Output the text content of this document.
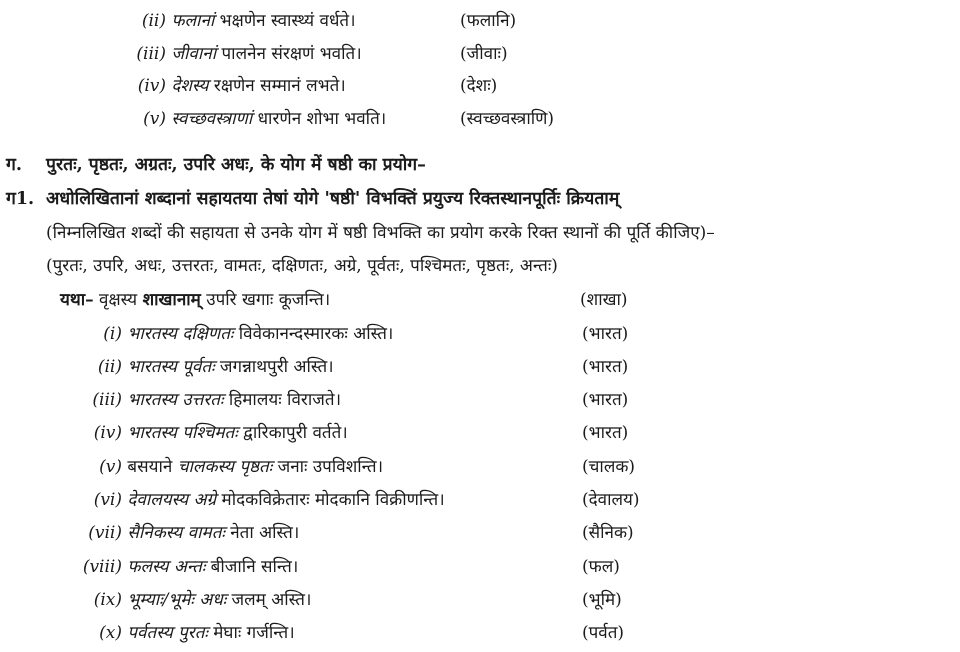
(ii) फलानां भक्षणेन स्वास्थ्यं वर्धते।	(फलानि)
(iii) जीवानां पालनेन संरक्षणं भवति।	(जीवाः)
(iv) देशस्य रक्षणेन सम्मानं लभते।	(देशः)
(v) स्वच्छवस्त्राणां धारणेन शोभा भवति।	(स्वच्छवस्त्राणि)
ग. पुरतः, पृष्ठतः, अग्रतः, उपरि अधः, के योग में षष्ठी का प्रयोग–
ग1. अधोलिखितानां शब्दानां सहायतया तेषां योगे 'षष्ठी' विभक्तिं प्रयुज्य रिक्तस्थानपूर्तिः क्रियताम्
(निम्नलिखित शब्दों की सहायता से उनके योग में षष्ठी विभक्ति का प्रयोग करके रिक्त स्थानों की पूर्ति कीजिए)–
(पुरतः, उपरि, अधः, उत्तरतः, वामतः, दक्षिणतः, अग्रे, पूर्वतः, पश्चिमतः, पृष्ठतः, अन्तः)
यथा– वृक्षस्य शाखानाम् उपरि खगाः कूजन्ति।	(शाखा)
(i) भारतस्य दक्षिणतः विवेकानन्दस्मारकः अस्ति।	(भारत)
(ii) भारतस्य पूर्वतः जगन्नाथपुरी अस्ति।	(भारत)
(iii) भारतस्य उत्तरतः हिमालयः विराजते।	(भारत)
(iv) भारतस्य पश्चिमतः द्वारिकापुरी वर्तते।	(भारत)
(v) बसयाने चालकस्य पृष्ठतः जनाः उपविशन्ति।	(चालक)
(vi) देवालयस्य अग्रे मोदकविक्रेतारः मोदकानि विक्रीणन्ति।	(देवालय)
(vii) सैनिकस्य वामतः नेता अस्ति।	(सैनिक)
(viii) फलस्य अन्तः बीजानि सन्ति।	(फल)
(ix) भूम्याः/भूमेः अधः जलम् अस्ति।	(भूमि)
(x) पर्वतस्य पुरतः मेघाः गर्जन्ति।	(पर्वत)
